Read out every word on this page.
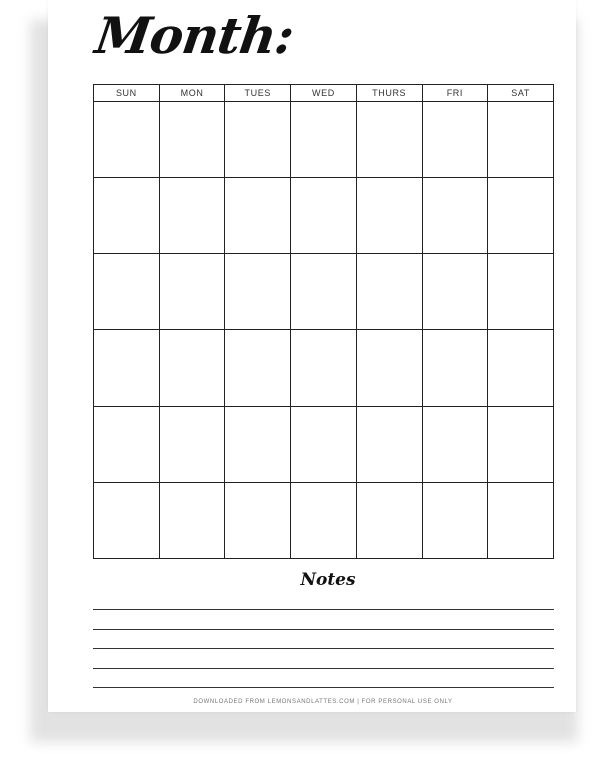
Month:
SUN	MON	TUES	WED	THURS	FRI	SAT

Notes
DOWNLOADED FROM LEMONSANDLATTES.COM | FOR PERSONAL USE ONLY
